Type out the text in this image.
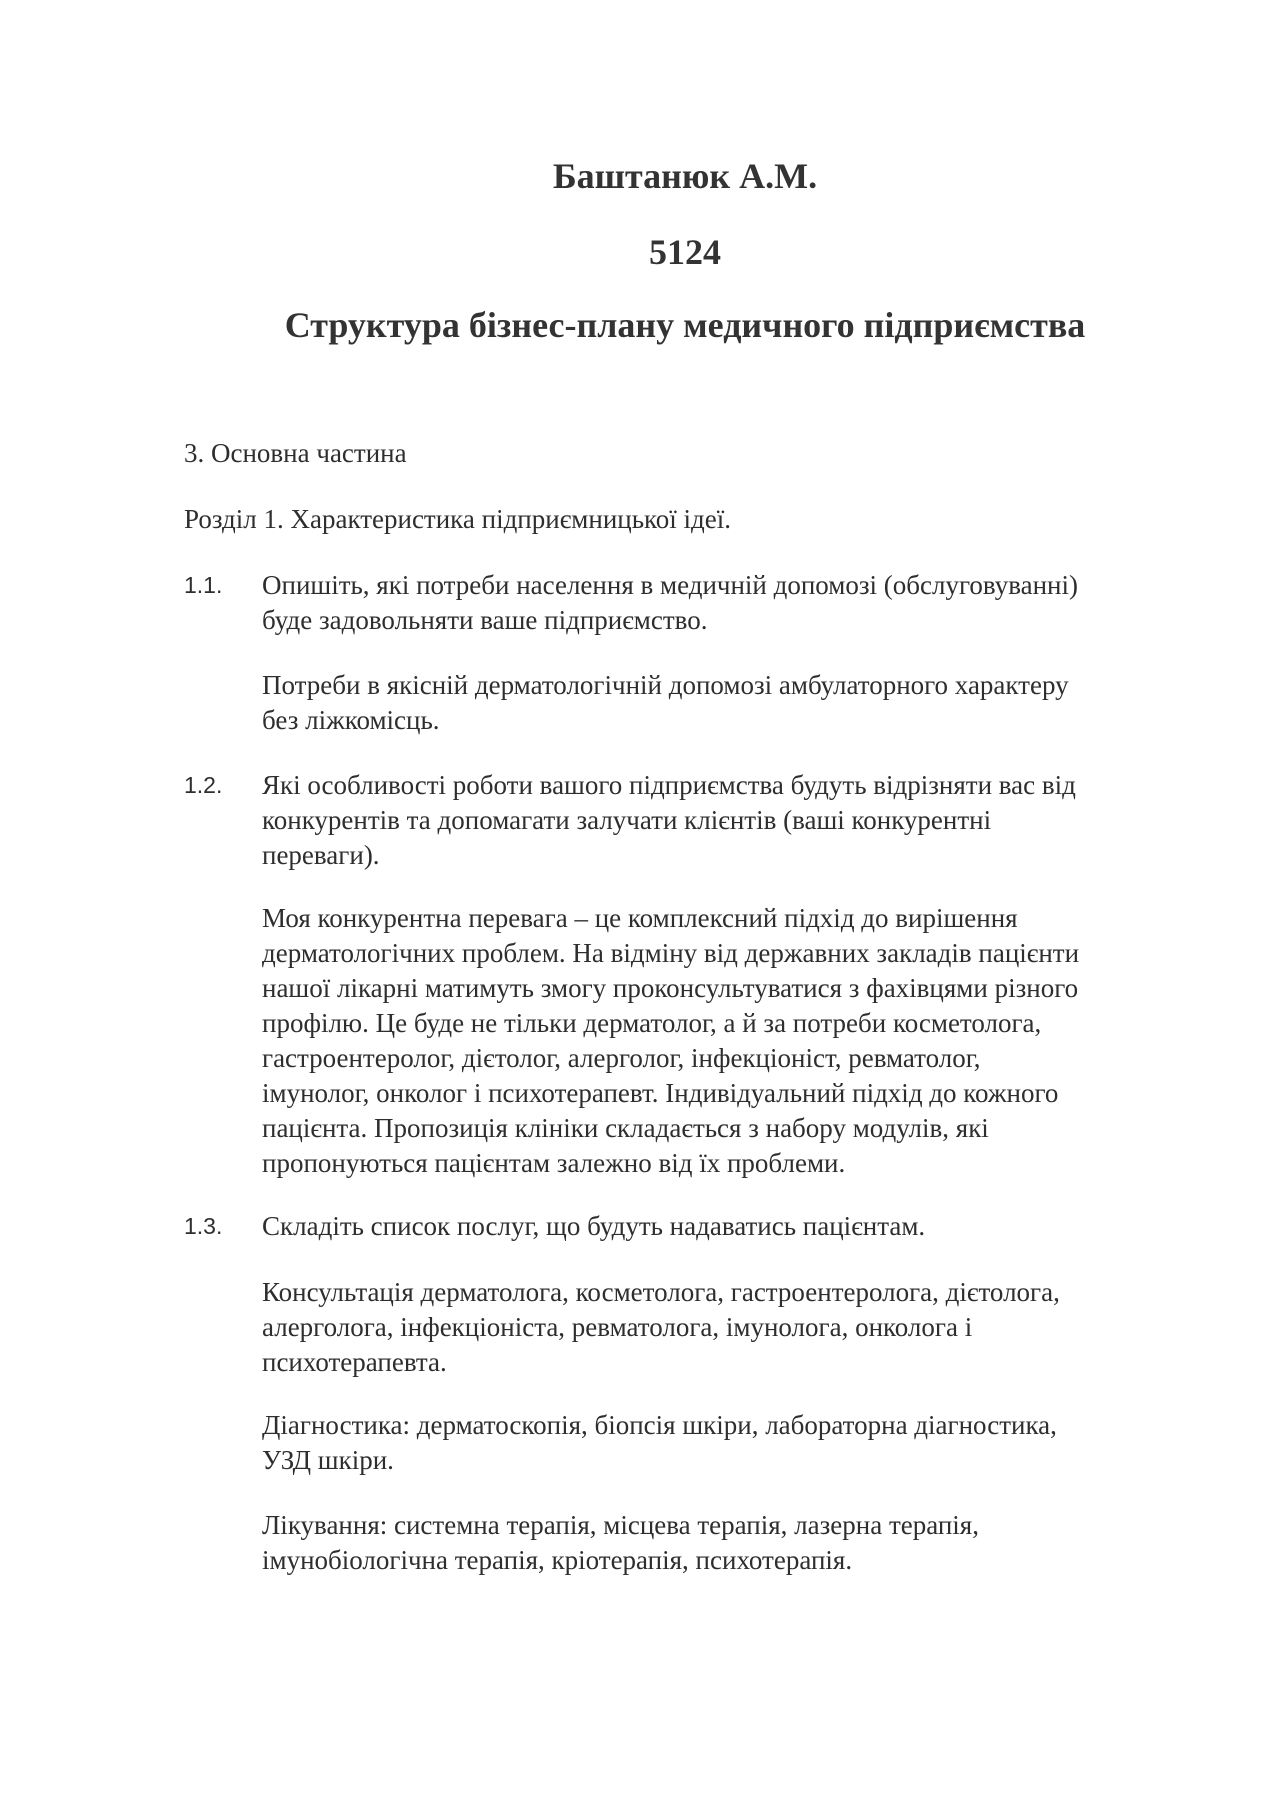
Баштанюк А.М.
5124
Структура бізнес-плану медичного підприємства
3. Основна частина
Розділ 1. Характеристика підприємницької ідеї.
1.1. Опишіть, які потреби населення в медичній допомозі (обслуговуванні)
буде задовольняти ваше підприємство.
Потреби в якісній дерматологічній допомозі амбулаторного характеру
без ліжкомісць.
1.2. Які особливості роботи вашого підприємства будуть відрізняти вас від
конкурентів та допомагати залучати клієнтів (ваші конкурентні
переваги).
Моя конкурентна перевага – це комплексний підхід до вирішення
дерматологічних проблем. На відміну від державних закладів пацієнти
нашої лікарні матимуть змогу проконсультуватися з фахівцями різного
профілю. Це буде не тільки дерматолог, а й за потреби косметолога,
гастроентеролог, дієтолог, алерголог, інфекціоніст, ревматолог,
імунолог, онколог і психотерапевт. Індивідуальний підхід до кожного
пацієнта. Пропозиція клініки складається з набору модулів, які
пропонуються пацієнтам залежно від їх проблеми.
1.3. Складіть список послуг, що будуть надаватись пацієнтам.
Консультація дерматолога, косметолога, гастроентеролога, дієтолога,
алерголога, інфекціоніста, ревматолога, імунолога, онколога і
психотерапевта.
Діагностика: дерматоскопія, біопсія шкіри, лабораторна діагностика,
УЗД шкіри.
Лікування: системна терапія, місцева терапія, лазерна терапія,
імунобіологічна терапія, кріотерапія, психотерапія.
